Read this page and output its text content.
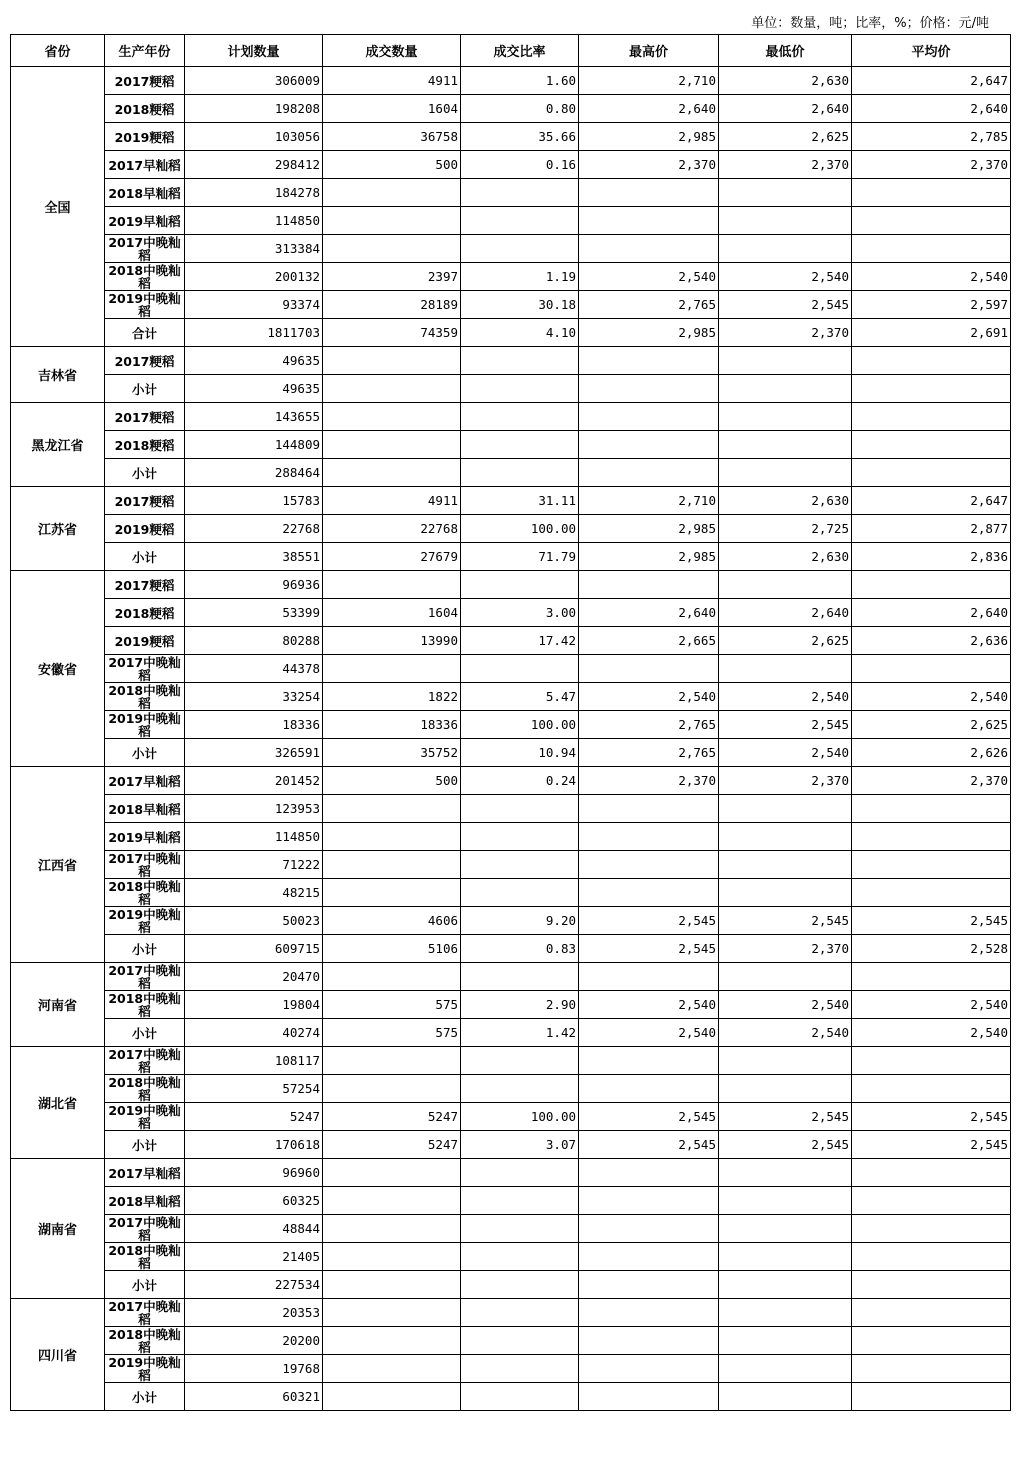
单位：数量，吨；比率，%；价格：元/吨
省份	生产年份	计划数量	成交数量	成交比率	最高价	最低价	平均价
全国	2017粳稻	306009	4911	1.60	2,710	2,630	2,647
	2018粳稻	198208	1604	0.80	2,640	2,640	2,640
	2019粳稻	103056	36758	35.66	2,985	2,625	2,785
	2017早籼稻	298412	500	0.16	2,370	2,370	2,370
	2018早籼稻	184278					
	2019早籼稻	114850					
	2017中晚籼稻	313384					
	2018中晚籼稻	200132	2397	1.19	2,540	2,540	2,540
	2019中晚籼稻	93374	28189	30.18	2,765	2,545	2,597
	合计	1811703	74359	4.10	2,985	2,370	2,691
吉林省	2017粳稻	49635					
	小计	49635					
黑龙江省	2017粳稻	143655					
	2018粳稻	144809					
	小计	288464					
江苏省	2017粳稻	15783	4911	31.11	2,710	2,630	2,647
	2019粳稻	22768	22768	100.00	2,985	2,725	2,877
	小计	38551	27679	71.79	2,985	2,630	2,836
安徽省	2017粳稻	96936					
	2018粳稻	53399	1604	3.00	2,640	2,640	2,640
	2019粳稻	80288	13990	17.42	2,665	2,625	2,636
	2017中晚籼稻	44378					
	2018中晚籼稻	33254	1822	5.47	2,540	2,540	2,540
	2019中晚籼稻	18336	18336	100.00	2,765	2,545	2,625
	小计	326591	35752	10.94	2,765	2,540	2,626
江西省	2017早籼稻	201452	500	0.24	2,370	2,370	2,370
	2018早籼稻	123953					
	2019早籼稻	114850					
	2017中晚籼稻	71222					
	2018中晚籼稻	48215					
	2019中晚籼稻	50023	4606	9.20	2,545	2,545	2,545
	小计	609715	5106	0.83	2,545	2,370	2,528
河南省	2017中晚籼稻	20470					
	2018中晚籼稻	19804	575	2.90	2,540	2,540	2,540
	小计	40274	575	1.42	2,540	2,540	2,540
湖北省	2017中晚籼稻	108117					
	2018中晚籼稻	57254					
	2019中晚籼稻	5247	5247	100.00	2,545	2,545	2,545
	小计	170618	5247	3.07	2,545	2,545	2,545
湖南省	2017早籼稻	96960					
	2018早籼稻	60325					
	2017中晚籼稻	48844					
	2018中晚籼稻	21405					
	小计	227534					
四川省	2017中晚籼稻	20353					
	2018中晚籼稻	20200					
	2019中晚籼稻	19768					
	小计	60321					
